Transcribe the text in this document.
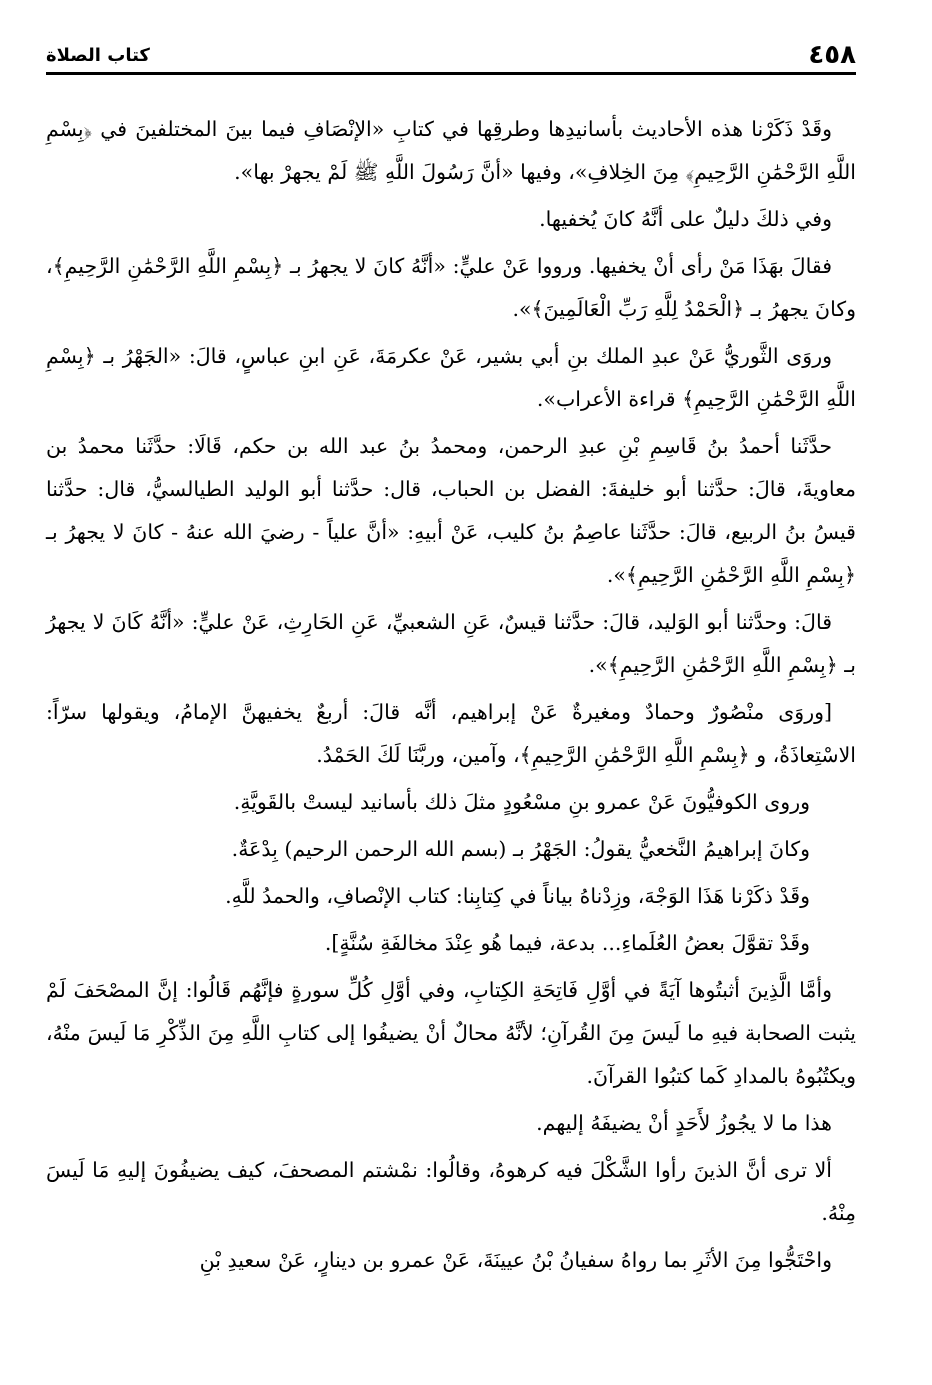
٤٥٨
كتاب الصلاة

وقَدْ ذَكَرْنا هذه الأحاديث بأسانيدِها وطرقِها في كتابِ «الإنْصَافِ فيما بينَ المختلفينَ في ﴿بِسْمِ اللَّهِ الرَّحْمَٰنِ الرَّحِيمِ﴾ مِنَ الخِلافِ»، وفيها «أنَّ رَسُولَ اللَّهِ ﷺ لَمْ يجهرْ بها».

وفي ذلكَ دليلٌ على أنَّهُ كانَ يُخفيها.

فقالَ بهَذَا مَنْ رأى أنْ يخفيها. ورووا عَنْ عليٍّ: «أنَّهُ كانَ لا يجهرُ بـ ﴿بِسْمِ اللَّهِ الرَّحْمَٰنِ الرَّحِيمِ﴾، وكانَ يجهرُ بـ ﴿الْحَمْدُ لِلَّهِ رَبِّ الْعَالَمِينَ﴾».

وروَى الثَّوريُّ عَنْ عبدِ الملك بنِ أبي بشير، عَنْ عكرمَةَ، عَنِ ابنِ عباسٍ، قالَ: «الجَهْرُ بـ ﴿بِسْمِ اللَّهِ الرَّحْمَٰنِ الرَّحِيمِ﴾ قراءة الأعراب».

حدَّثَنا أحمدُ بنُ قَاسِمِ بْنِ عبدِ الرحمن، ومحمدُ بنُ عبد الله بن حكم، قَالَا: حدَّثَنا محمدُ بن معاويةَ، قالَ: حدَّثنا أبو خليفةَ: الفضل بن الحباب، قال: حدَّثنا أبو الوليد الطيالسيُّ، قال: حدَّثنا قيسُ بنُ الربيع، قالَ: حدَّثَنا عاصِمُ بنُ كليب، عَنْ أبيهِ: «أنَّ علياً - رضيَ الله عنهُ - كانَ لا يجهرُ بـ ﴿بِسْمِ اللَّهِ الرَّحْمَٰنِ الرَّحِيمِ﴾».

قالَ: وحدَّثنا أبو الوَليد، قالَ: حدَّثنا قيسٌ، عَنِ الشعبيِّ، عَنِ الحَارِثِ، عَنْ عليٍّ: «أنَّهُ كَانَ لا يجهرُ بـ ﴿بِسْمِ اللَّهِ الرَّحْمَٰنِ الرَّحِيمِ﴾».

[وروَى منْصُورٌ وحمادٌ ومغيرةٌ عَنْ إبراهيم، أنَّه قالَ: أربعٌ يخفيهنَّ الإمامُ، ويقولها سرّاً: الاسْتِعاذَةُ، و ﴿بِسْمِ اللَّهِ الرَّحْمَٰنِ الرَّحِيمِ﴾، وآمين، وربَّنَا لَكَ الحَمْدُ.

وروى الكوفيُّونَ عَنْ عمرو بنِ مسْعُودٍ مثلَ ذلك بأسانيد ليستْ بالقَويَّةِ.

وكانَ إبراهيمُ النَّخعيُّ يقولُ: الجَهْرُ بـ (بسم الله الرحمن الرحيم) بِدْعَةٌ.

وقَدْ ذكَرْنا هَذَا الوَجْهَ، وزِدْناهُ بياناً في كِتابِنا: كتاب الإنْصافِ، والحمدُ للَّهِ.

وقَدْ تقوَّلَ بعضُ العُلَماءِ... بدعة، فيما هُو عِنْدَ مخالفَةِ سُنَّةٍ].

وأمَّا الَّذِينَ أثبتُوها آيَةً في أوَّلِ فَاتِحَةِ الكِتابِ، وفي أوَّلِ كُلِّ سورةٍ فإنَّهُم قَالُوا: إنَّ المصْحَفَ لَمْ يثبت الصحابة فيهِ ما لَيسَ مِنَ القُرآنِ؛ لأنَّهُ محالٌ أنْ يضيفُوا إلى كتابِ اللَّهِ مِنَ الذِّكْرِ مَا لَيسَ منْهُ، ويكتُبُوهُ بالمدادِ كَما كتبُوا القرآنَ.

هذا ما لا يجُوزُ لأَحَدٍ أنْ يضيفَهُ إليهم.

ألا ترى أنَّ الذينَ رأوا الشَّكْلَ فيه كرهوهُ، وقالُوا: نمْشتم المصحفَ، كيف يضيفُونَ إليهِ مَا لَيسَ مِنْهُ.

واحْتَجُّوا مِنَ الأثَرِ بما رواهُ سفيانُ بْنُ عيينَةَ، عَنْ عمرو بن دينارٍ، عَنْ سعيدِ بْنِ
